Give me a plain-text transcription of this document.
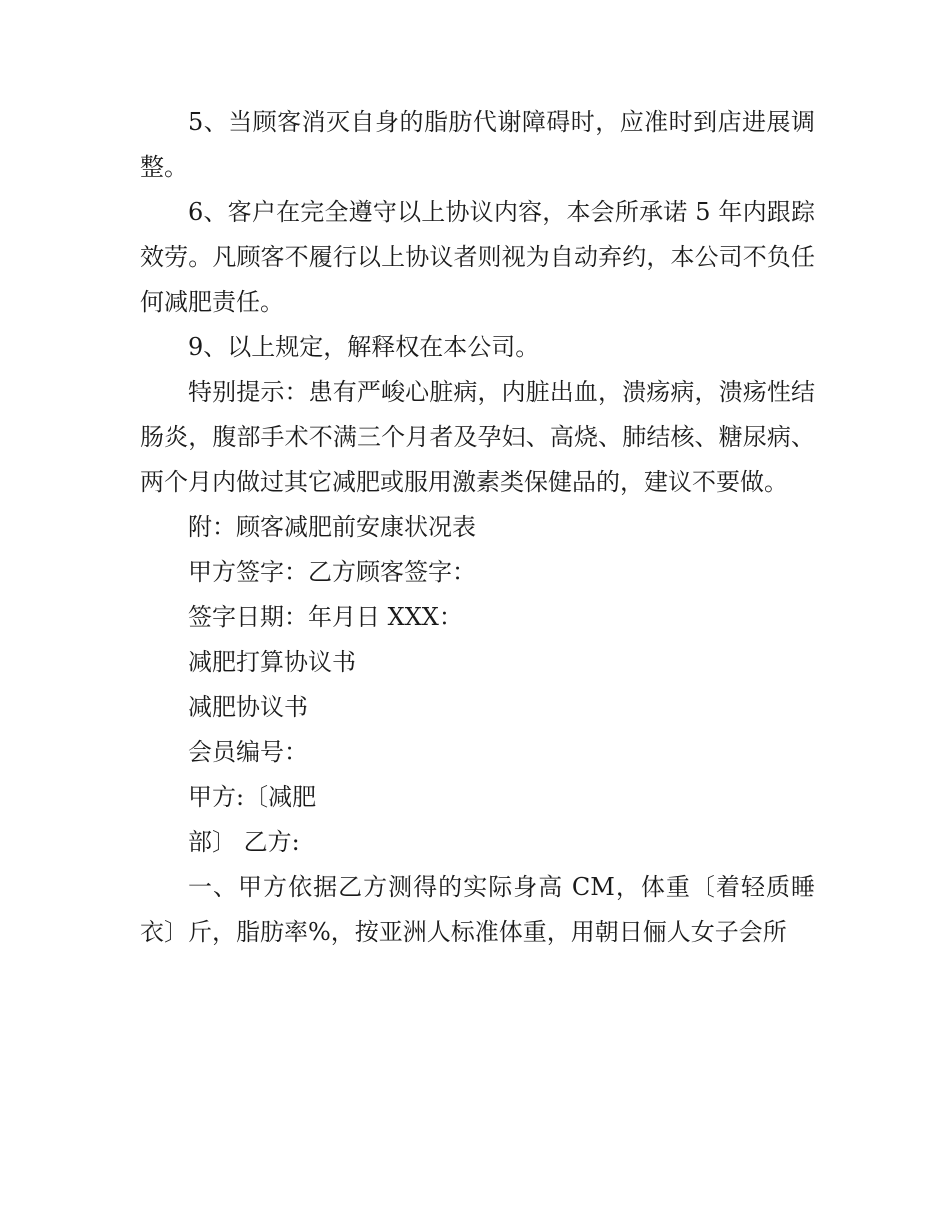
5、当顾客消灭自身的脂肪代谢障碍时，应准时到店进展调整。

6、客户在完全遵守以上协议内容，本会所承诺 5 年内跟踪效劳。凡顾客不履行以上协议者则视为自动弃约，本公司不负任何减肥责任。

9、以上规定，解释权在本公司。

特别提示：患有严峻心脏病，内脏出血，溃疡病，溃疡性结肠炎，腹部手术不满三个月者及孕妇、高烧、肺结核、糖尿病、两个月内做过其它减肥或服用激素类保健品的，建议不要做。

附：顾客减肥前安康状况表

甲方签字：乙方顾客签字：

签字日期：年月日 XXX：

减肥打算协议书

减肥协议书

会员编号：

甲方:〔减肥

部〕 乙方:

一、甲方依据乙方测得的实际身高 CM，体重〔着轻质睡衣〕斤，脂肪率%，按亚洲人标准体重，用朝日俪人女子会所
